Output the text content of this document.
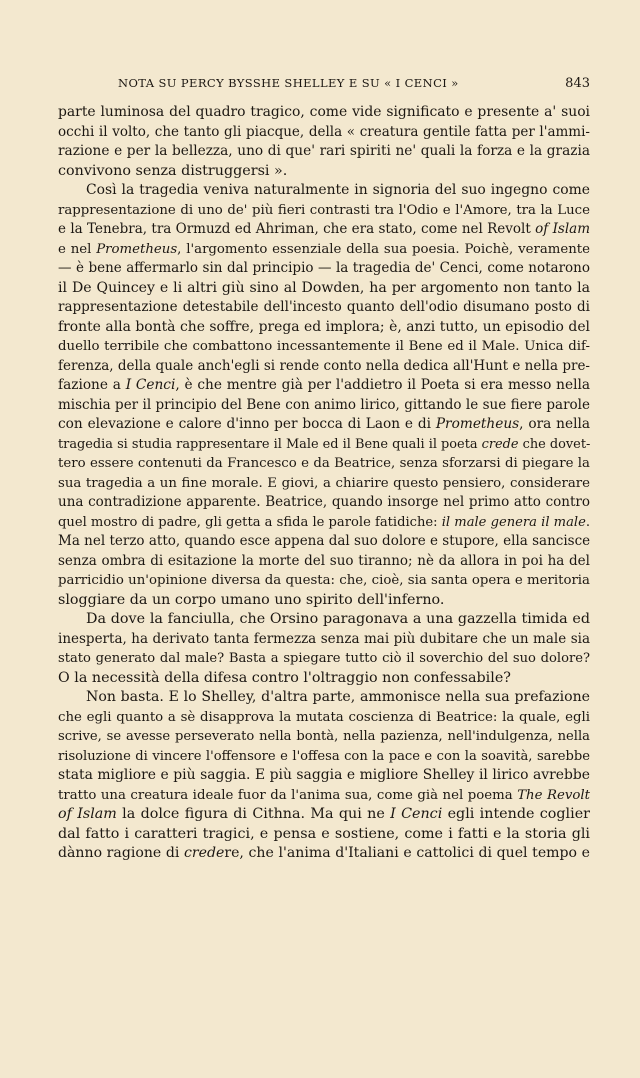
NOTA SU PERCY BYSSHE SHELLEY E SU « I CENCI »	843
parte luminosa del quadro tragico, come vide significato e presente a' suoi
occhi il volto, che tanto gli piacque, della « creatura gentile fatta per l'ammi-
razione e per la bellezza, uno di que' rari spiriti ne' quali la forza e la grazia
convivono senza distruggersi ».
Così la tragedia veniva naturalmente in signoria del suo ingegno come
rappresentazione di uno de' più fieri contrasti tra l'Odio e l'Amore, tra la Luce
e la Tenebra, tra Ormuzd ed Ahriman, che era stato, come nel Revolt of Islam
e nel Prometheus, l'argomento essenziale della sua poesia. Poichè, veramente
— è bene affermarlo sin dal principio — la tragedia de' Cenci, come notarono
il De Quincey e li altri giù sino al Dowden, ha per argomento non tanto la
rappresentazione detestabile dell'incesto quanto dell'odio disumano posto di
fronte alla bontà che soffre, prega ed implora; è, anzi tutto, un episodio del
duello terribile che combattono incessantemente il Bene ed il Male. Unica dif-
ferenza, della quale anch'egli si rende conto nella dedica all'Hunt e nella pre-
fazione a I Cenci, è che mentre già per l'addietro il Poeta si era messo nella
mischia per il principio del Bene con animo lirico, gittando le sue fiere parole
con elevazione e calore d'inno per bocca di Laon e di Prometheus, ora nella
tragedia si studia rappresentare il Male ed il Bene quali il poeta crede che dovet-
tero essere contenuti da Francesco e da Beatrice, senza sforzarsi di piegare la
sua tragedia a un fine morale. E giovi, a chiarire questo pensiero, considerare
una contradizione apparente. Beatrice, quando insorge nel primo atto contro
quel mostro di padre, gli getta a sfida le parole fatidiche: il male genera il male.
Ma nel terzo atto, quando esce appena dal suo dolore e stupore, ella sancisce
senza ombra di esitazione la morte del suo tiranno; nè da allora in poi ha del
parricidio un'opinione diversa da questa: che, cioè, sia santa opera e meritoria
sloggiare da un corpo umano uno spirito dell'inferno.
Da dove la fanciulla, che Orsino paragonava a una gazzella timida ed
inesperta, ha derivato tanta fermezza senza mai più dubitare che un male sia
stato generato dal male? Basta a spiegare tutto ciò il soverchio del suo dolore?
O la necessità della difesa contro l'oltraggio non confessabile?
Non basta. E lo Shelley, d'altra parte, ammonisce nella sua prefazione
che egli quanto a sè disapprova la mutata coscienza di Beatrice: la quale, egli
scrive, se avesse perseverato nella bontà, nella pazienza, nell'indulgenza, nella
risoluzione di vincere l'offensore e l'offesa con la pace e con la soavità, sarebbe
stata migliore e più saggia. E più saggia e migliore Shelley il lirico avrebbe
tratto una creatura ideale fuor da l'anima sua, come già nel poema The Revolt
of Islam la dolce figura di Cithna. Ma qui ne I Cenci egli intende coglier
dal fatto i caratteri tragici, e pensa e sostiene, come i fatti e la storia gli
dànno ragione di credere, che l'anima d'Italiani e cattolici di quel tempo e
